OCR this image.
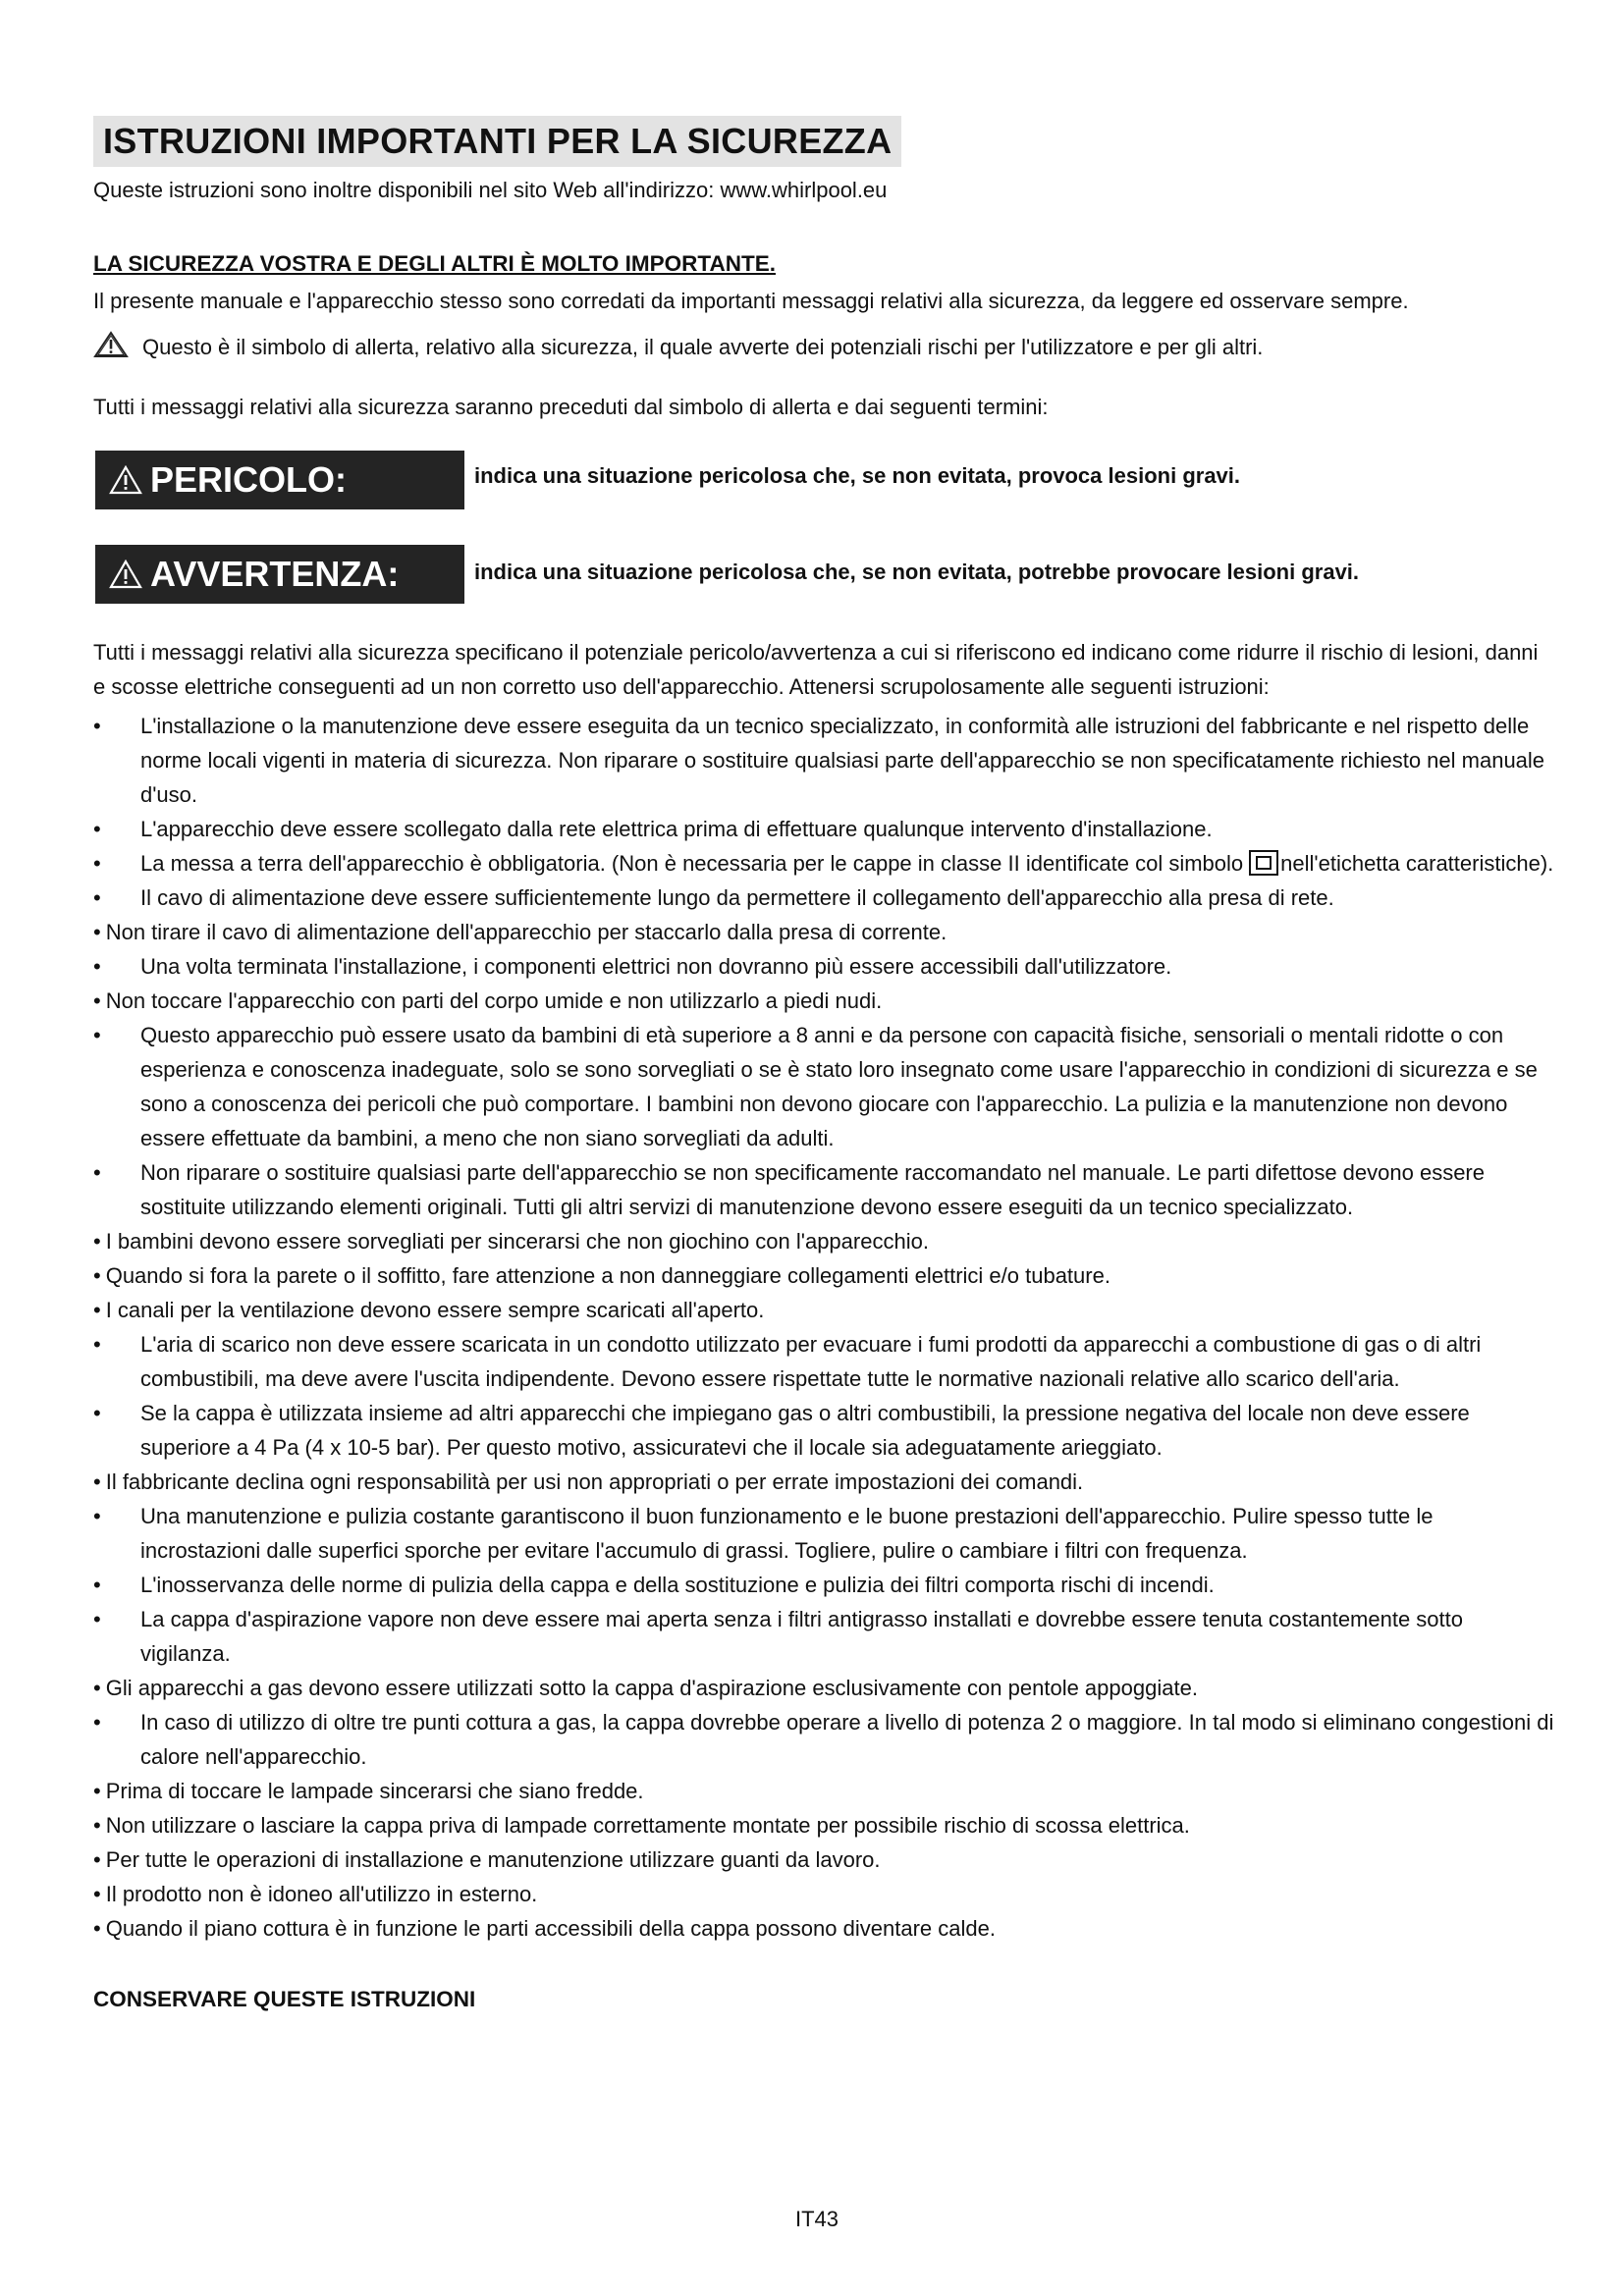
ISTRUZIONI IMPORTANTI PER LA SICUREZZA
Queste istruzioni sono inoltre disponibili nel sito Web all'indirizzo: www.whirlpool.eu
LA SICUREZZA VOSTRA E DEGLI ALTRI È MOLTO IMPORTANTE.
Il presente manuale e l'apparecchio stesso sono corredati da importanti messaggi relativi alla sicurezza, da leggere ed osservare sempre.
Questo è il simbolo di allerta, relativo alla sicurezza, il quale avverte dei potenziali rischi per l'utilizzatore e per gli altri.
Tutti i messaggi relativi alla sicurezza saranno preceduti dal simbolo di allerta e dai seguenti termini:
PERICOLO:	indica una situazione pericolosa che, se non evitata, provoca lesioni gravi.
AVVERTENZA:	indica una situazione pericolosa che, se non evitata, potrebbe provocare lesioni gravi.
Tutti i messaggi relativi alla sicurezza specificano il potenziale pericolo/avvertenza a cui si riferiscono ed indicano come ridurre il rischio di lesioni, danni e scosse elettriche conseguenti ad un non corretto uso dell'apparecchio. Attenersi scrupolosamente alle seguenti istruzioni:
• L'installazione o la manutenzione deve essere eseguita da un tecnico specializzato, in conformità alle istruzioni del fabbricante e nel rispetto delle norme locali vigenti in materia di sicurezza. Non riparare o sostituire qualsiasi parte dell'apparecchio se non specificatamente richiesto nel manuale d'uso.
• L'apparecchio deve essere scollegato dalla rete elettrica prima di effettuare qualunque intervento d'installazione.
• La messa a terra dell'apparecchio è obbligatoria. (Non è necessaria per le cappe in classe II identificate col simbolo nell'etichetta caratteristiche).
• Il cavo di alimentazione deve essere sufficientemente lungo da permettere il collegamento dell'apparecchio alla presa di rete.
• Non tirare il cavo di alimentazione dell'apparecchio per staccarlo dalla presa di corrente.
• Una volta terminata l'installazione, i componenti elettrici non dovranno più essere accessibili dall'utilizzatore.
• Non toccare l'apparecchio con parti del corpo umide e non utilizzarlo a piedi nudi.
• Questo apparecchio può essere usato da bambini di età superiore a 8 anni e da persone con capacità fisiche, sensoriali o mentali ridotte o con esperienza e conoscenza inadeguate, solo se sono sorvegliati o se è stato loro insegnato come usare l'apparecchio in condizioni di sicurezza e se sono a conoscenza dei pericoli che può comportare. I bambini non devono giocare con l'apparecchio. La pulizia e la manutenzione non devono essere effettuate da bambini, a meno che non siano sorvegliati da adulti.
• Non riparare o sostituire qualsiasi parte dell'apparecchio se non specificamente raccomandato nel manuale. Le parti difettose devono essere sostituite utilizzando elementi originali. Tutti gli altri servizi di manutenzione devono essere eseguiti da un tecnico specializzato.
• I bambini devono essere sorvegliati per sincerarsi che non giochino con l'apparecchio.
• Quando si fora la parete o il soffitto, fare attenzione a non danneggiare collegamenti elettrici e/o tubature.
• I canali per la ventilazione devono essere sempre scaricati all'aperto.
• L'aria di scarico non deve essere scaricata in un condotto utilizzato per evacuare i fumi prodotti da apparecchi a combustione di gas o di altri combustibili, ma deve avere l'uscita indipendente. Devono essere rispettate tutte le normative nazionali relative allo scarico dell'aria.
• Se la cappa è utilizzata insieme ad altri apparecchi che impiegano gas o altri combustibili, la pressione negativa del locale non deve essere superiore a 4 Pa (4 x 10-5 bar). Per questo motivo, assicuratevi che il locale sia adeguatamente arieggiato.
• Il fabbricante declina ogni responsabilità per usi non appropriati o per errate impostazioni dei comandi.
• Una manutenzione e pulizia costante garantiscono il buon funzionamento e le buone prestazioni dell'apparecchio. Pulire spesso tutte le incrostazioni dalle superfici sporche per evitare l'accumulo di grassi. Togliere, pulire o cambiare i filtri con frequenza.
• L'inosservanza delle norme di pulizia della cappa e della sostituzione e pulizia dei filtri comporta rischi di incendi.
• La cappa d'aspirazione vapore non deve essere mai aperta senza i filtri antigrasso installati e dovrebbe essere tenuta costantemente sotto vigilanza.
• Gli apparecchi a gas devono essere utilizzati sotto la cappa d'aspirazione esclusivamente con pentole appoggiate.
• In caso di utilizzo di oltre tre punti cottura a gas, la cappa dovrebbe operare a livello di potenza 2 o maggiore. In tal modo si eliminano congestioni di calore nell'apparecchio.
• Prima di toccare le lampade sincerarsi che siano fredde.
• Non utilizzare o lasciare la cappa priva di lampade correttamente montate per possibile rischio di scossa elettrica.
• Per tutte le operazioni di installazione e manutenzione utilizzare guanti da lavoro.
• Il prodotto non è idoneo all'utilizzo in esterno.
• Quando il piano cottura è in funzione le parti accessibili della cappa possono diventare calde.
CONSERVARE QUESTE ISTRUZIONI
IT43
